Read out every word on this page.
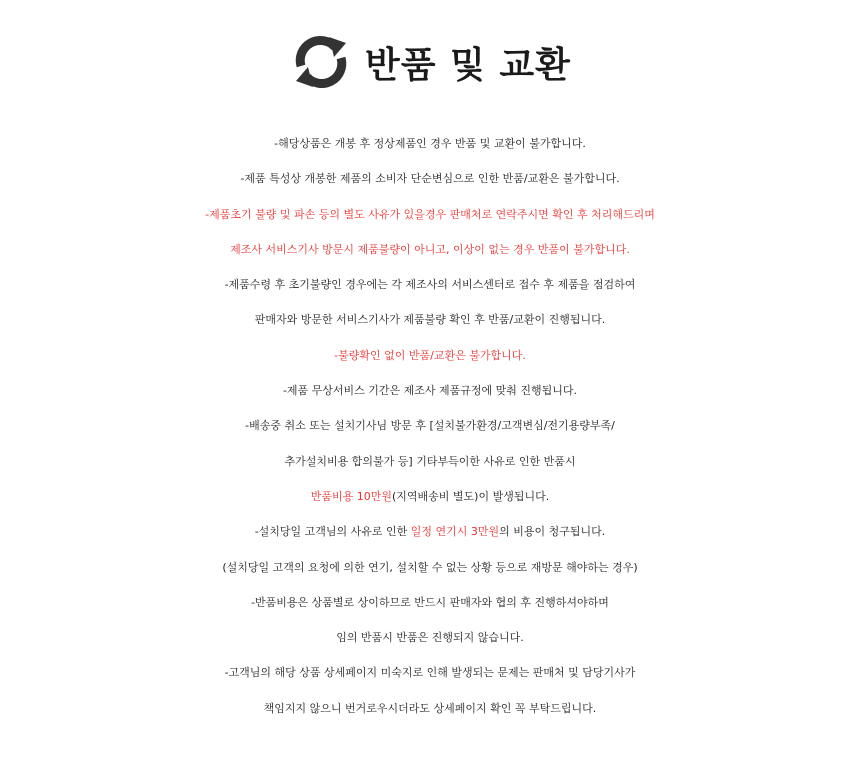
반품 및 교환
-해당상품은 개봉 후 정상제품인 경우 반품 및 교환이 불가합니다.
-제품 특성상 개봉한 제품의 소비자 단순변심으로 인한 반품/교환은 불가합니다.
-제품초기 불량 및 파손 등의 별도 사유가 있을경우 판매처로 연락주시면 확인 후 처리해드리며
제조사 서비스기사 방문시 제품불량이 아니고, 이상이 없는 경우 반품이 불가합니다.
-제품수령 후 초기불량인 경우에는 각 제조사의 서비스센터로 접수 후 제품을 점검하여
판매자와 방문한 서비스기사가 제품불량 확인 후 반품/교환이 진행됩니다.
-불량확인 없이 반품/교환은 불가합니다.
-제품 무상서비스 기간은 제조사 제품규정에 맞춰 진행됩니다.
-배송중 취소 또는 설치기사님 방문 후 [설치불가환경/고객변심/전기용량부족/
추가설치비용 합의불가 등] 기타부득이한 사유로 인한 반품시
반품비용 10만원(지역배송비 별도)이 발생됩니다.
-설치당일 고객님의 사유로 인한 일정 연기시 3만원의 비용이 청구됩니다.
(설치당일 고객의 요청에 의한 연기, 설치할 수 없는 상황 등으로 재방문 해야하는 경우)
-반품비용은 상품별로 상이하므로 반드시 판매자와 협의 후 진행하셔야하며
임의 반품시 반품은 진행되지 않습니다.
-고객님의 해당 상품 상세페이지 미숙지로 인해 발생되는 문제는 판매처 및 담당기사가
책임지지 않으니 번거로우시더라도 상세페이지 확인 꼭 부탁드립니다.
